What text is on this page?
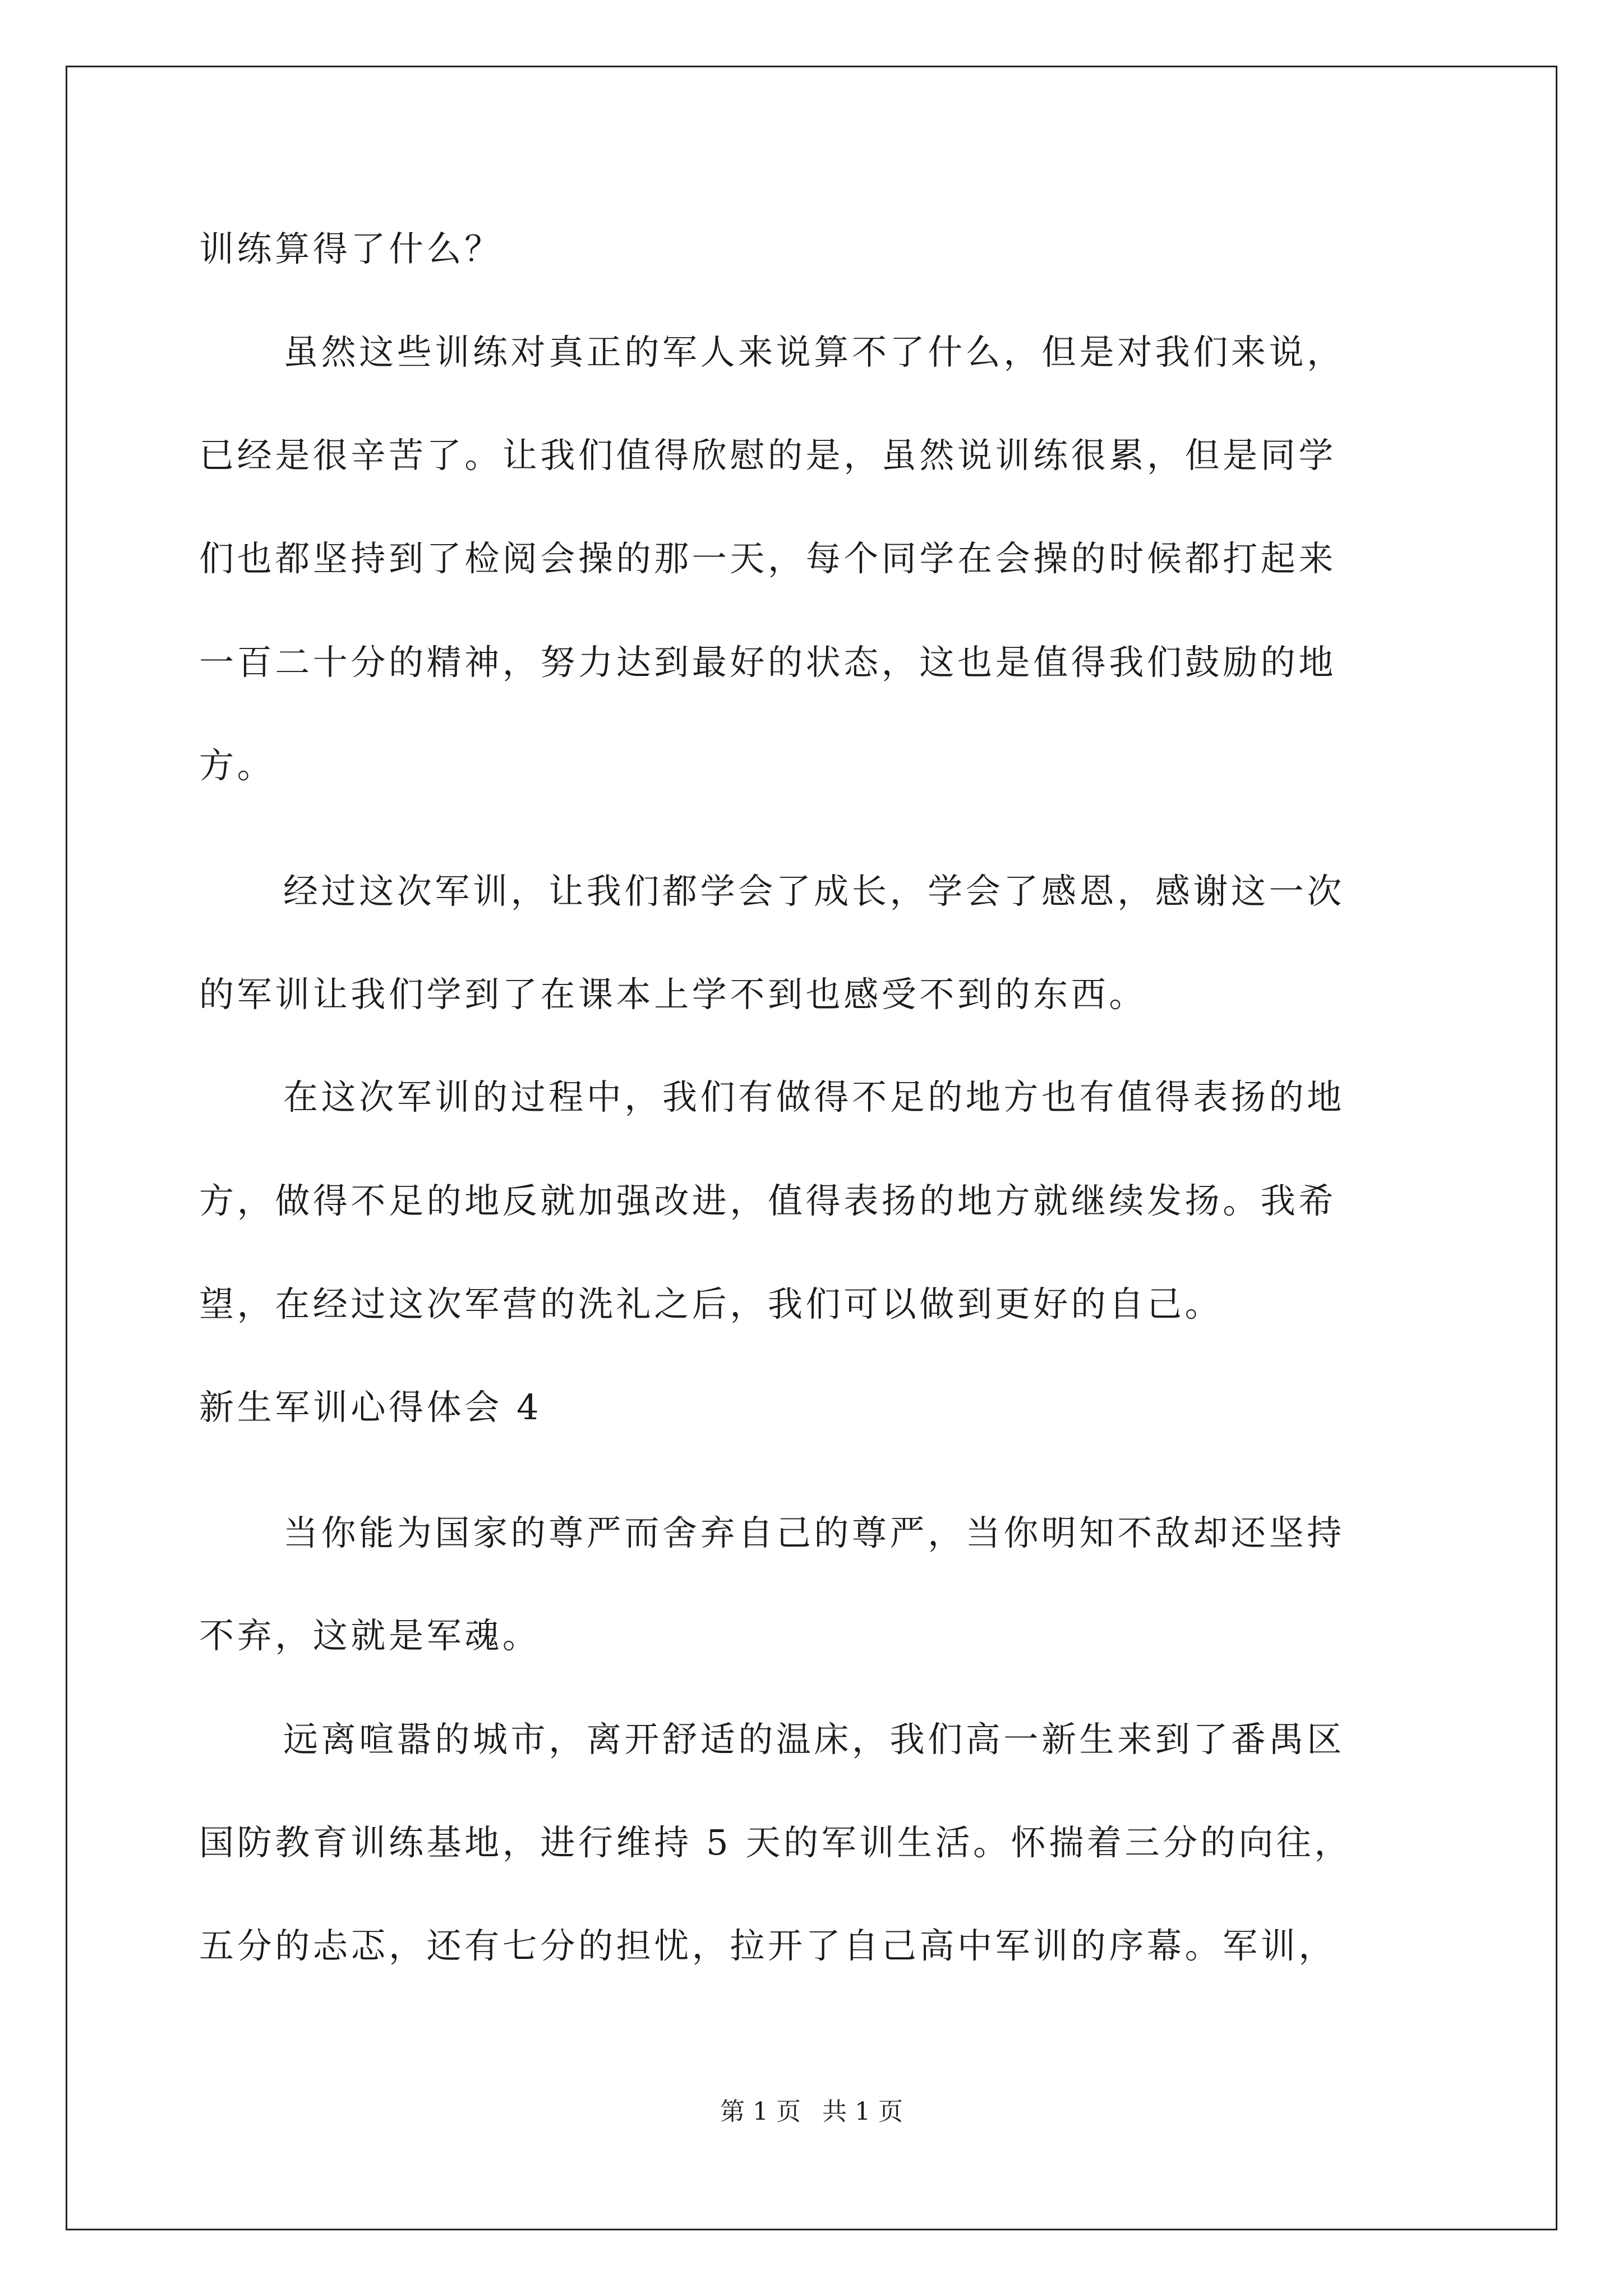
训练算得了什么？
虽然这些训练对真正的军人来说算不了什么，但是对我们来说，
已经是很辛苦了。让我们值得欣慰的是，虽然说训练很累，但是同学
们也都坚持到了检阅会操的那一天，每个同学在会操的时候都打起来
一百二十分的精神，努力达到最好的状态，这也是值得我们鼓励的地
方。
经过这次军训，让我们都学会了成长，学会了感恩，感谢这一次
的军训让我们学到了在课本上学不到也感受不到的东西。
在这次军训的过程中，我们有做得不足的地方也有值得表扬的地
方，做得不足的地反就加强改进，值得表扬的地方就继续发扬。我希
望，在经过这次军营的洗礼之后，我们可以做到更好的自己。
新生军训心得体会 4
当你能为国家的尊严而舍弃自己的尊严，当你明知不敌却还坚持
不弃，这就是军魂。
远离喧嚣的城市，离开舒适的温床，我们高一新生来到了番禺区
国防教育训练基地，进行维持 5 天的军训生活。怀揣着三分的向往，
五分的忐忑，还有七分的担忧，拉开了自己高中军训的序幕。军训，
第 1 页 共 1 页
